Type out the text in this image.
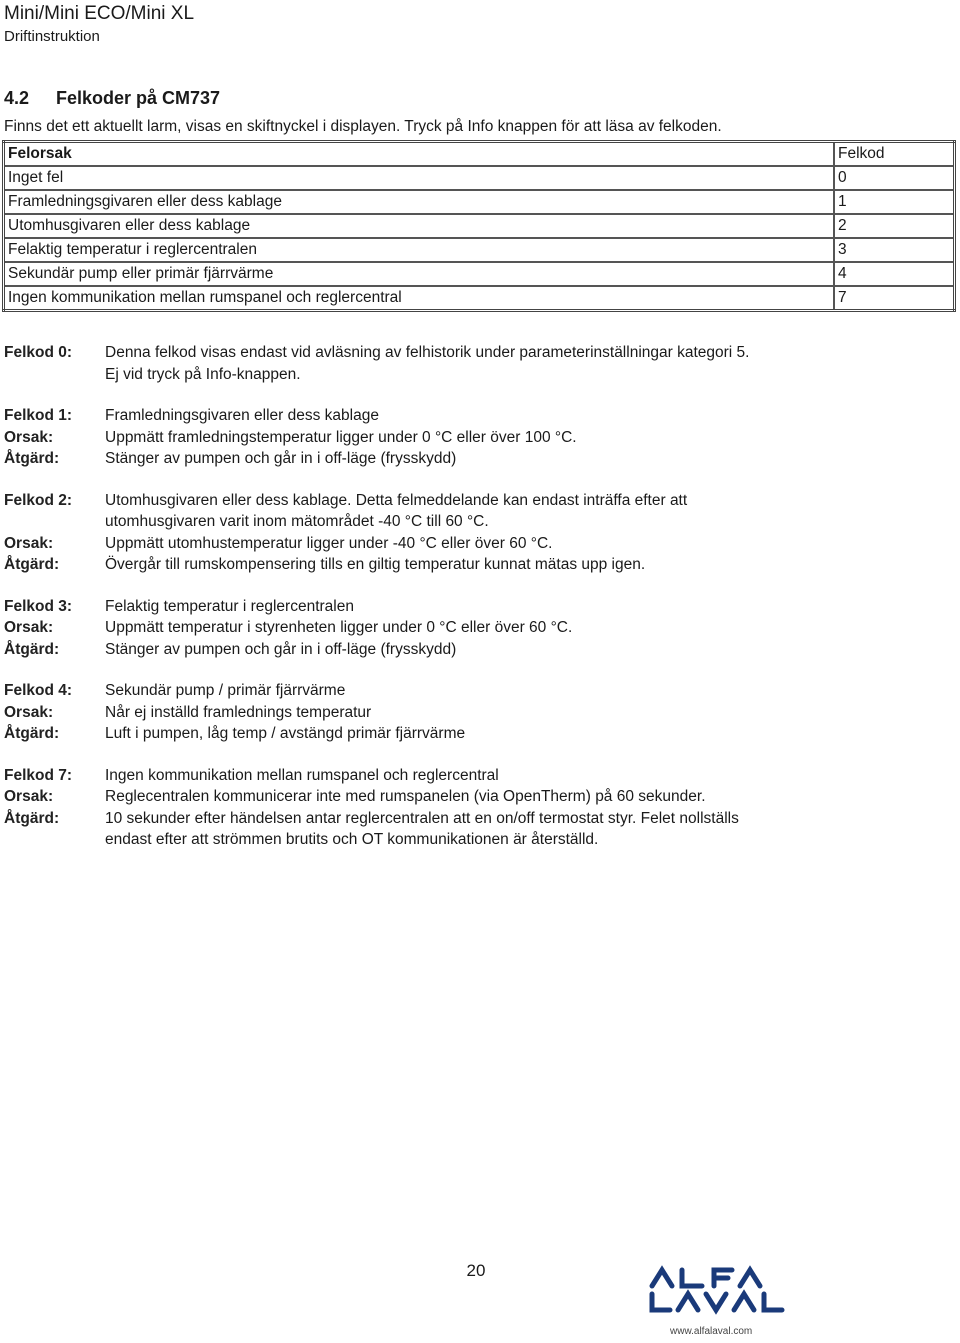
Mini/Mini ECO/Mini XL
Driftinstruktion
4.2 Felkoder på CM737
Finns det ett aktuellt larm, visas en skiftnyckel i displayen. Tryck på Info knappen för att läsa av felkoden.
Felorsak	Felkod
Inget fel	0
Framledningsgivaren eller dess kablage	1
Utomhusgivaren eller dess kablage	2
Felaktig temperatur i reglercentralen	3
Sekundär pump eller primär fjärrvärme	4
Ingen kommunikation mellan rumspanel och reglercentral	7
Felkod 0:	Denna felkod visas endast vid avläsning av felhistorik under parameterinställningar kategori 5.
Ej vid tryck på Info-knappen.
Felkod 1:	Framledningsgivaren eller dess kablage
Orsak:	Uppmätt framledningstemperatur ligger under 0 °C eller över 100 °C.
Åtgärd:	Stänger av pumpen och går in i off-läge (frysskydd)
Felkod 2:	Utomhusgivaren eller dess kablage. Detta felmeddelande kan endast inträffa efter att
utomhusgivaren varit inom mätområdet -40 °C till 60 °C.
Orsak:	Uppmätt utomhustemperatur ligger under -40 °C eller över 60 °C.
Åtgärd:	Övergår till rumskompensering tills en giltig temperatur kunnat mätas upp igen.
Felkod 3:	Felaktig temperatur i reglercentralen
Orsak:	Uppmätt temperatur i styrenheten ligger under 0 °C eller över 60 °C.
Åtgärd:	Stänger av pumpen och går in i off-läge (frysskydd)
Felkod 4:	Sekundär pump / primär fjärrvärme
Orsak:	Når ej inställd framlednings temperatur
Åtgärd:	Luft i pumpen, låg temp / avstängd primär fjärrvärme
Felkod 7:	Ingen kommunikation mellan rumspanel och reglercentral
Orsak:	Reglecentralen kommunicerar inte med rumspanelen (via OpenTherm) på 60 sekunder.
Åtgärd:	10 sekunder efter händelsen antar reglercentralen att en on/off termostat styr. Felet nollställs
endast efter att strömmen brutits och OT kommunikationen är återställd.
20
www.alfalaval.com
